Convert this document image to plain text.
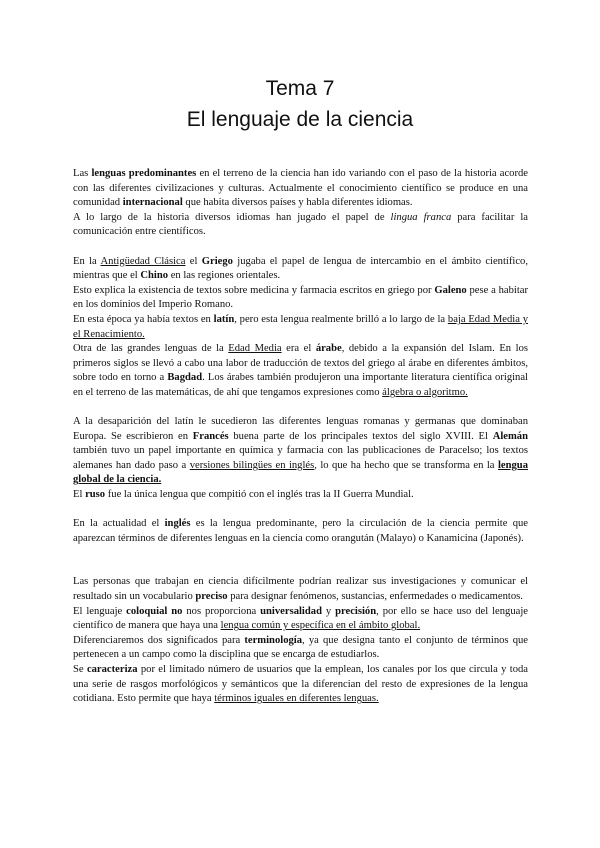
Tema 7

El lenguaje de la ciencia

Las lenguas predominantes en el terreno de la ciencia han ido variando con el paso de la historia acorde con las diferentes civilizaciones y culturas. Actualmente el conocimiento científico se produce en una comunidad internacional que habita diversos países y habla diferentes idiomas.

A lo largo de la historia diversos idiomas han jugado el papel de lingua franca para facilitar la comunicación entre científicos.

En la Antigüedad Clásica el Griego jugaba el papel de lengua de intercambio en el ámbito científico, mientras que el Chino en las regiones orientales.

Esto explica la existencia de textos sobre medicina y farmacia escritos en griego por Galeno pese a habitar en los dominios del Imperio Romano.

En esta época ya había textos en latín, pero esta lengua realmente brilló a lo largo de la baja Edad Media y el Renacimiento.

Otra de las grandes lenguas de la Edad Media era el árabe, debido a la expansión del Islam. En los primeros siglos se llevó a cabo una labor de traducción de textos del griego al árabe en diferentes ámbitos, sobre todo en torno a Bagdad. Los árabes también produjeron una importante literatura científica original en el terreno de las matemáticas, de ahí que tengamos expresiones como álgebra o algoritmo.

A la desaparición del latín le sucedieron las diferentes lenguas romanas y germanas que dominaban Europa. Se escribieron en Francés buena parte de los principales textos del siglo XVIII. El Alemán también tuvo un papel importante en química y farmacia con las publicaciones de Paracelso; los textos alemanes han dado paso a versiones bilingües en inglés, lo que ha hecho que se transforma en la lengua global de la ciencia.

El ruso fue la única lengua que compitió con el inglés tras la II Guerra Mundial.

En la actualidad el inglés es la lengua predominante, pero la circulación de la ciencia permite que aparezcan términos de diferentes lenguas en la ciencia como orangután (Malayo) o Kanamicina (Japonés).

Las personas que trabajan en ciencia difícilmente podrían realizar sus investigaciones y comunicar el resultado sin un vocabulario preciso para designar fenómenos, sustancias, enfermedades o medicamentos.

El lenguaje coloquial no nos proporciona universalidad y precisión, por ello se hace uso del lenguaje científico de manera que haya una lengua común y específica en el ámbito global.

Diferenciaremos dos significados para terminología, ya que designa tanto el conjunto de términos que pertenecen a un campo como la disciplina que se encarga de estudiarlos.

Se caracteriza por el limitado número de usuarios que la emplean, los canales por los que circula y toda una serie de rasgos morfológicos y semánticos que la diferencian del resto de expresiones de la lengua cotidiana. Esto permite que haya términos iguales en diferentes lenguas.
